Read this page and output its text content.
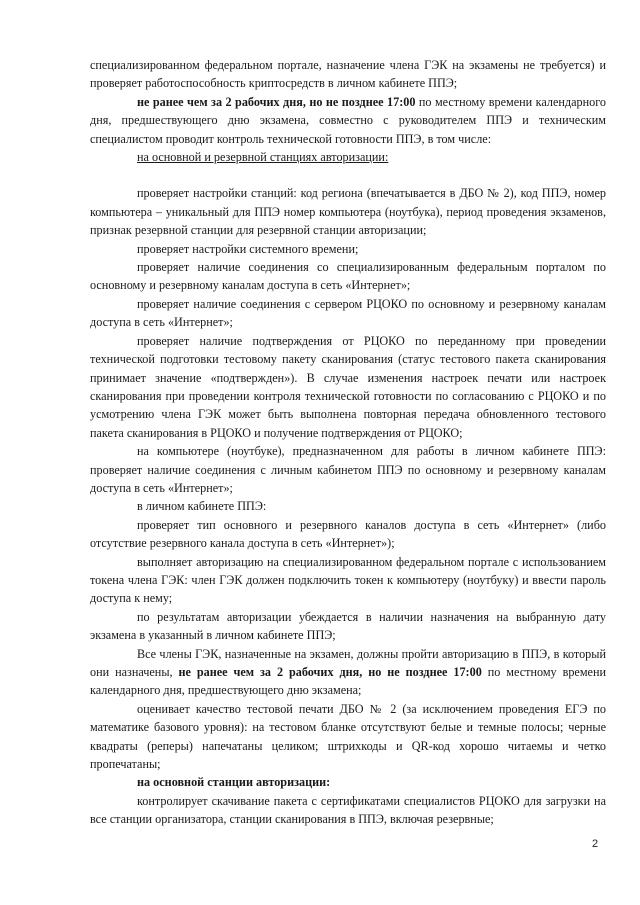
специализированном федеральном портале, назначение члена ГЭК на экзамены не требуется) и проверяет работоспособность криптосредств в личном кабинете ППЭ;

не ранее чем за 2 рабочих дня, но не позднее 17:00 по местному времени календарного дня, предшествующего дню экзамена, совместно с руководителем ППЭ и техническим специалистом проводит контроль технической готовности ППЭ, в том числе:

на основной и резервной станциях авторизации:

проверяет настройки станций: код региона (впечатывается в ДБО № 2), код ППЭ, номер компьютера – уникальный для ППЭ номер компьютера (ноутбука), период проведения экзаменов, признак резервной станции для резервной станции авторизации;

проверяет настройки системного времени;

проверяет наличие соединения со специализированным федеральным порталом по основному и резервному каналам доступа в сеть «Интернет»;

проверяет наличие соединения с сервером РЦОКО по основному и резервному каналам доступа в сеть «Интернет»;

проверяет наличие подтверждения от РЦОКО по переданному при проведении технической подготовки тестовому пакету сканирования (статус тестового пакета сканирования принимает значение «подтвержден»). В случае изменения настроек печати или настроек сканирования при проведении контроля технической готовности по согласованию с РЦОКО и по усмотрению члена ГЭК может быть выполнена повторная передача обновленного тестового пакета сканирования в РЦОКО и получение подтверждения от РЦОКО;

на компьютере (ноутбуке), предназначенном для работы в личном кабинете ППЭ: проверяет наличие соединения с личным кабинетом ППЭ по основному и резервному каналам доступа в сеть «Интернет»;

в личном кабинете ППЭ:

проверяет тип основного и резервного каналов доступа в сеть «Интернет» (либо отсутствие резервного канала доступа в сеть «Интернет»);

выполняет авторизацию на специализированном федеральном портале с использованием токена члена ГЭК: член ГЭК должен подключить токен к компьютеру (ноутбуку) и ввести пароль доступа к нему;

по результатам авторизации убеждается в наличии назначения на выбранную дату экзамена в указанный в личном кабинете ППЭ;

Все члены ГЭК, назначенные на экзамен, должны пройти авторизацию в ППЭ, в который они назначены, не ранее чем за 2 рабочих дня, но не позднее 17:00 по местному времени календарного дня, предшествующего дню экзамена;

оценивает качество тестовой печати ДБО № 2 (за исключением проведения ЕГЭ по математике базового уровня): на тестовом бланке отсутствуют белые и темные полосы; черные квадраты (реперы) напечатаны целиком; штрихкоды и QR-код хорошо читаемы и четко пропечатаны;

на основной станции авторизации:

контролирует скачивание пакета с сертификатами специалистов РЦОКО для загрузки на все станции организатора, станции сканирования в ППЭ, включая резервные;

2
